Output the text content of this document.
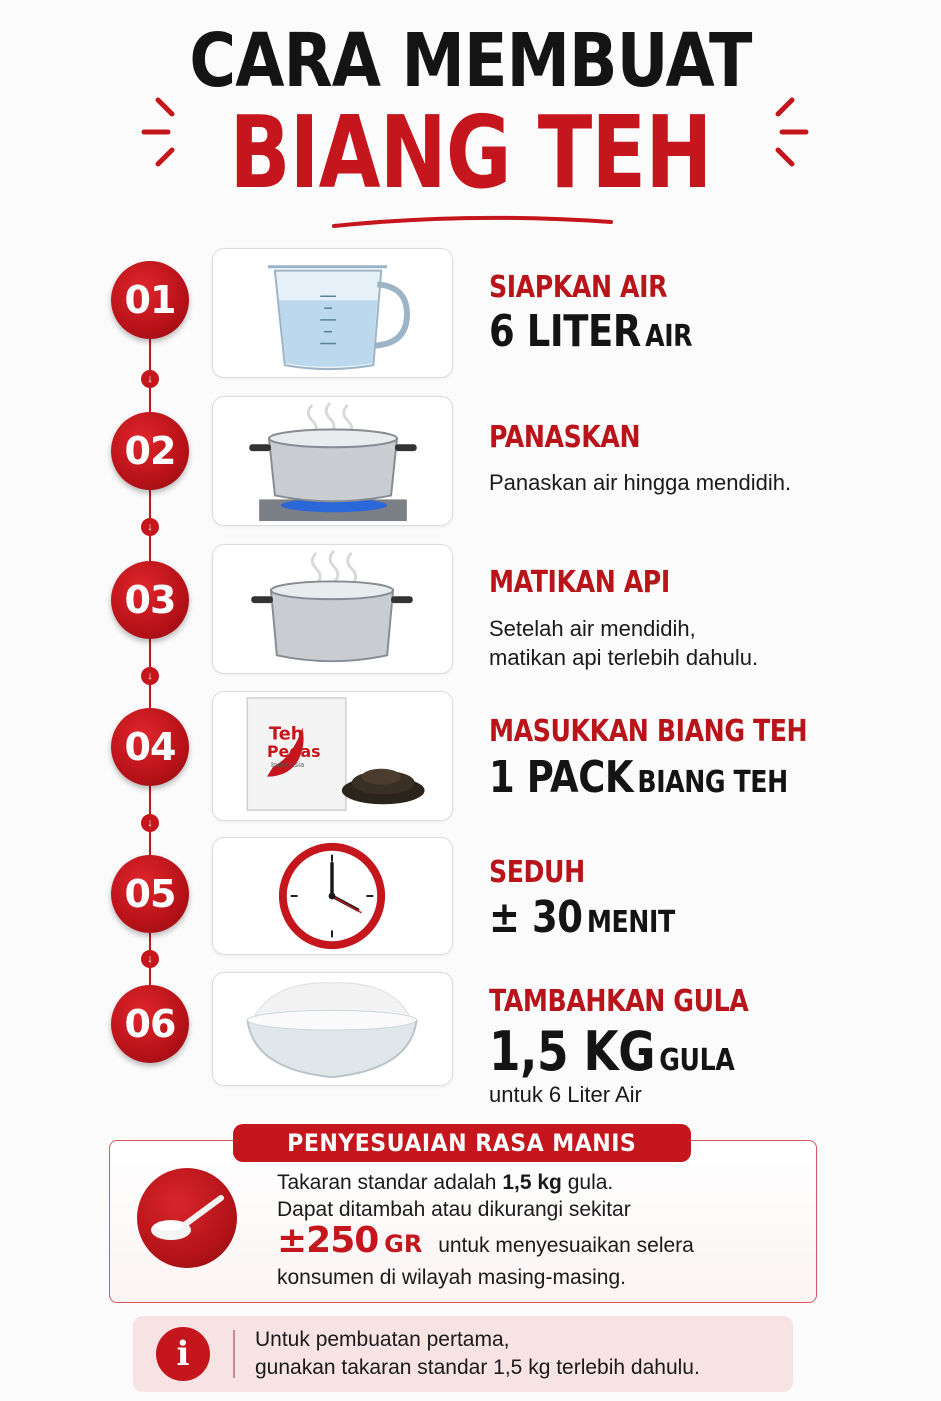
CARA MEMBUAT
BIANG TEH
01
↓
SIAPKAN AIR
6 LITER AIR
02
↓
PANASKAN
Panaskan air hingga mendidih.
03
↓
MATIKAN API
Setelah air mendidih,
matikan api terlebih dahulu.
04
↓
Teh
Pedas
Indonesia
MASUKKAN BIANG TEH
1 PACK BIANG TEH
05
↓
SEDUH
± 30 MENIT
06
TAMBAHKAN GULA
1,5 KG GULA
untuk 6 Liter Air
PENYESUAIAN RASA MANIS
Takaran standar adalah 1,5 kg gula.
Dapat ditambah atau dikurangi sekitar
±250 GR untuk menyesuaikan selera
konsumen di wilayah masing-masing.
i	Untuk pembuatan pertama,
gunakan takaran standar 1,5 kg terlebih dahulu.
